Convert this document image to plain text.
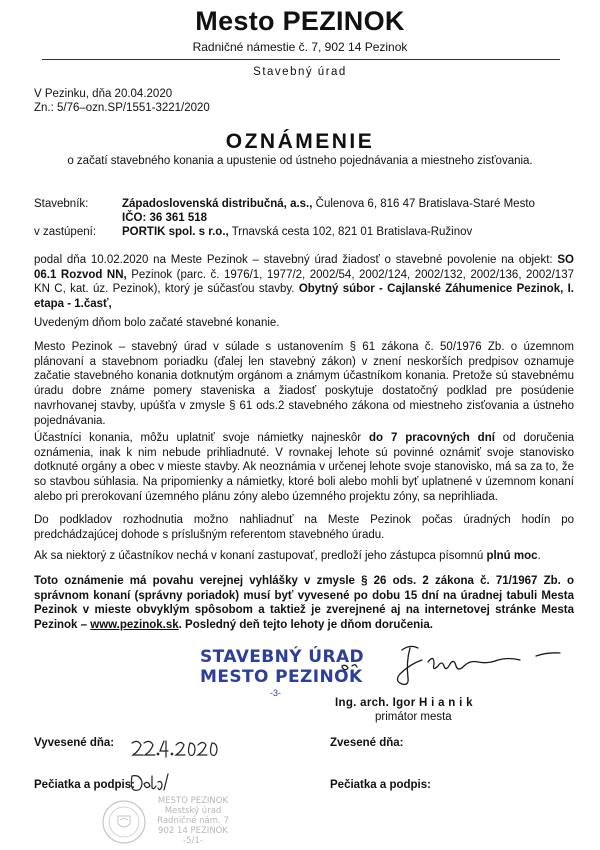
Mesto PEZINOK
Radničné námestie č. 7, 902 14 Pezinok
Stavebný úrad
V Pezinku, dňa 20.04.2020
Zn.: 5/76–ozn.SP/1551-3221/2020
OZNÁMENIE
o začatí stavebného konania a upustenie od ústneho pojednávania a miestneho zisťovania.
Stavebník:	Západoslovenská distribučná, a.s., Čulenova 6, 816 47 Bratislava-Staré Mesto
IČO: 36 361 518
v zastúpení: PORTIK spol. s r.o., Trnavská cesta 102, 821 01 Bratislava-Ružinov

podal dňa 10.02.2020 na Meste Pezinok – stavebný úrad žiadosť o stavebné povolenie na objekt: SO 06.1 Rozvod NN, Pezinok (parc. č. 1976/1, 1977/2, 2002/54, 2002/124, 2002/132, 2002/136, 2002/137 KN C, kat. úz. Pezinok), ktorý je súčasťou stavby. Obytný súbor - Cajlanské Záhumenice Pezinok, I. etapa - 1.časť,

Uvedeným dňom bolo začaté stavebné konanie.

Mesto Pezinok – stavebný úrad v súlade s ustanovením § 61 zákona č. 50/1976 Zb. o územnom plánovaní a stavebnom poriadku (ďalej len stavebný zákon) v znení neskorších predpisov oznamuje začatie stavebného konania dotknutým orgánom a známym účastníkom konania. Pretože sú stavebnému úradu dobre známe pomery staveniska a žiadosť poskytuje dostatočný podklad pre posúdenie navrhovanej stavby, upúšťa v zmysle § 61 ods.2 stavebného zákona od miestneho zisťovania a ústneho pojednávania.

Účastníci konania, môžu uplatniť svoje námietky najneskôr do 7 pracovných dní od doručenia oznámenia, inak k nim nebude prihliadnuté. V rovnakej lehote sú povinné oznámiť svoje stanovisko dotknuté orgány a obec v mieste stavby. Ak neoznámia v určenej lehote svoje stanovisko, má sa za to, že so stavbou súhlasia. Na pripomienky a námietky, ktoré boli alebo mohli byť uplatnené v územnom konaní alebo pri prerokovaní územného plánu zóny alebo územného projektu zóny, sa neprihliada.

Do podkladov rozhodnutia možno nahliadnuť na Meste Pezinok počas úradných hodín po predchádzajúcej dohode s príslušným referentom stavebného úradu.

Ak sa niektorý z účastníkov nechá v konaní zastupovať, predloží jeho zástupca písomnú plnú moc.

Toto oznámenie má povahu verejnej vyhlášky v zmysle § 26 ods. 2 zákona č. 71/1967 Zb. o správnom konaní (správny poriadok) musí byť vyvesené po dobu 15 dní na úradnej tabuli Mesta Pezinok v mieste obvyklým spôsobom a taktiež je zverejnené aj na internetovej stránke Mesta Pezinok – www.pezinok.sk. Posledný deň tejto lehoty je dňom doručenia.

STAVEBNÝ ÚRAD
MESTO PEZINOK
-3-
Ing. arch. Igor H i a n i k
primátor mesta
Vyvesené dňa:	Zvesené dňa:
Pečiatka a podpis:	Pečiatka a podpis:
MESTO PEZINOK
Mestský úrad
Radničné nám. 7
902 14 PEZINOK
-5/1-
